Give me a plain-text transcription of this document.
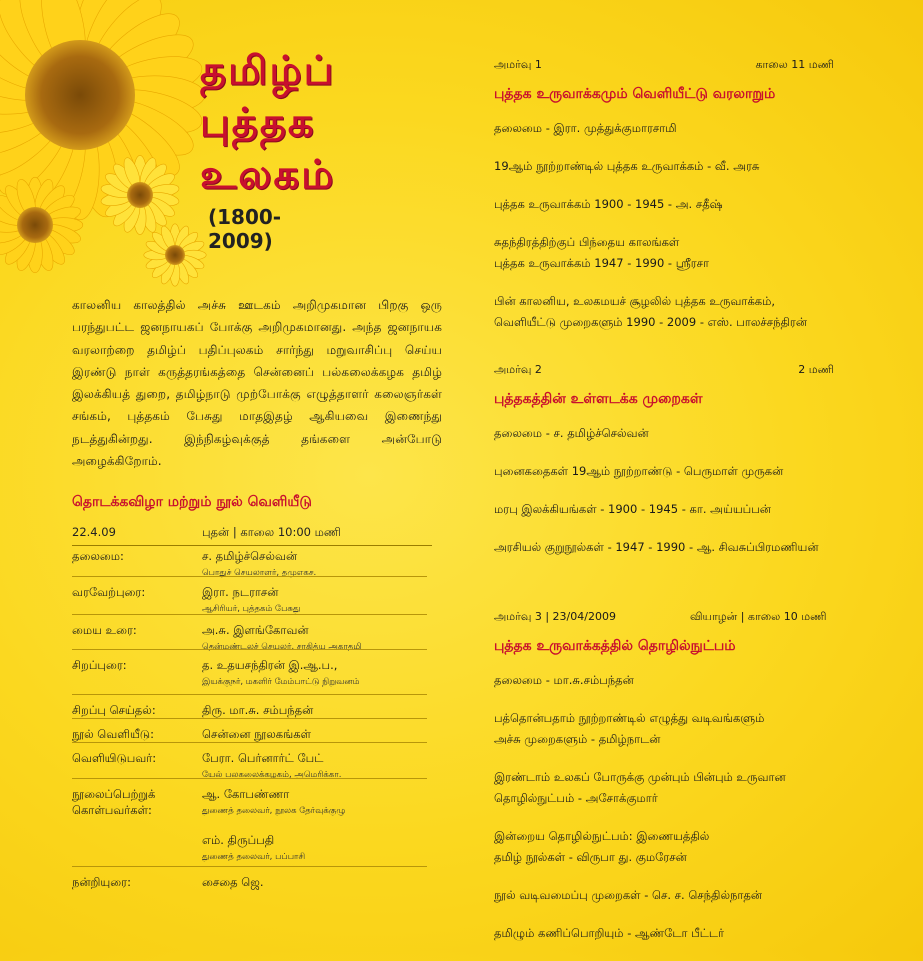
தமிழ்ப்
புத்தக
உலகம்
(1800-2009)
காலனிய காலத்தில் அச்சு ஊடகம் அறிமுகமான பிறகு ஒரு பரந்துபட்ட ஜனநாயகப் போக்கு அறிமுகமானது. அந்த ஜனநாயக வரலாற்றை தமிழ்ப் பதிப்புலகம் சார்ந்து மறுவாசிப்பு செய்ய இரண்டு நாள் கருத்தரங்கத்தை சென்னைப் பல்கலைக்கழக தமிழ் இலக்கியத் துறை, தமிழ்நாடு முற்போக்கு எழுத்தாளர் கலைஞர்கள் சங்கம், புத்தகம் பேசுது மாதஇதழ் ஆகியவை இணைந்து நடத்துகின்றது. இந்நிகழ்வுக்குத் தங்களை அன்போடு அழைக்கிறோம்.
தொடக்கவிழா மற்றும் நூல் வெளியீடு
22.4.09	புதன் | காலை 10:00 மணி

தலைமை:	ச. தமிழ்ச்செல்வன்
பொதுச் செயலாளர், தமுஎகச.
வரவேற்புரை:	இரா. நடராசன்
ஆசிரியர், புத்தகம் பேசுது
மைய உரை:	அ.சு. இளங்கோவன்
தென்மண்டலச் செயலர், சாகித்ய அகாதமி
சிறப்புரை:	த. உதயசந்திரன் இ.ஆ.ப.,
இயக்குநர், மகளிர் மேம்பாட்டு நிறுவனம்
சிறப்பு செய்தல்:	திரு. மா.சு. சம்பந்தன்
நூல் வெளியீடு:	சென்னை நூலகங்கள்
வெளியிடுபவர்:	பேரா. பெர்னார்ட் பேட்
யேல் பலகலைக்கழகம், அமெரிக்கா.
நூலைப்பெற்றுக் கொள்பவர்கள்:
ஆ. கோபண்ணா
துணைத் தலைவர், நூலக தேர்வுக்குழு
எம். திருப்பதி
துணைத் தலைவர், பப்பாசி
நன்றியுரை:	சைதை ஜெ.
அமர்வு 1	காலை 11 மணி
புத்தக உருவாக்கமும் வெளியீட்டு வரலாறும்
தலைமை - இரா. முத்துக்குமாரசாமி
19ஆம் நூற்றாண்டில் புத்தக உருவாக்கம் - வீ. அரசு
புத்தக உருவாக்கம் 1900 - 1945 - அ. சதீஷ்
சுதந்திரத்திற்குப் பிந்தைய காலங்கள்
புத்தக உருவாக்கம் 1947 - 1990 - ஸ்ரீரசா
பின் காலனிய, உலகமயச் சூழலில் புத்தக உருவாக்கம்,
வெளியீட்டு முறைகளும் 1990 - 2009 - எஸ். பாலச்சந்திரன்
அமர்வு 2	2 மணி
புத்தகத்தின் உள்ளடக்க முறைகள்
தலைமை - ச. தமிழ்ச்செல்வன்
புனைகதைகள் 19ஆம் நூற்றாண்டு - பெருமாள் முருகன்
மரபு இலக்கியங்கள் - 1900 - 1945 - கா. அய்யப்பன்
அரசியல் குறுநூல்கள் - 1947 - 1990 - ஆ. சிவசுப்பிரமணியன்
அமர்வு 3 | 23/04/2009	வியாழன் | காலை 10 மணி
புத்தக உருவாக்கத்தில் தொழில்நுட்பம்
தலைமை - மா.சு.சம்பந்தன்
பத்தொன்பதாம் நூற்றாண்டில் எழுத்து வடிவங்களும்
அச்சு முறைகளும் - தமிழ்நாடன்
இரண்டாம் உலகப் போருக்கு முன்பும் பின்பும் உருவான
தொழில்நுட்பம் - அசோக்குமார்
இன்றைய தொழில்நுட்பம்: இணையத்தில்
தமிழ் நூல்கள் - விருபா து. குமரேசன்
நூல் வடிவமைப்பு முறைகள் - செ. ச. செந்தில்நாதன்
தமிழும் கணிப்பொறியும் - ஆண்டோ பீட்டர்
